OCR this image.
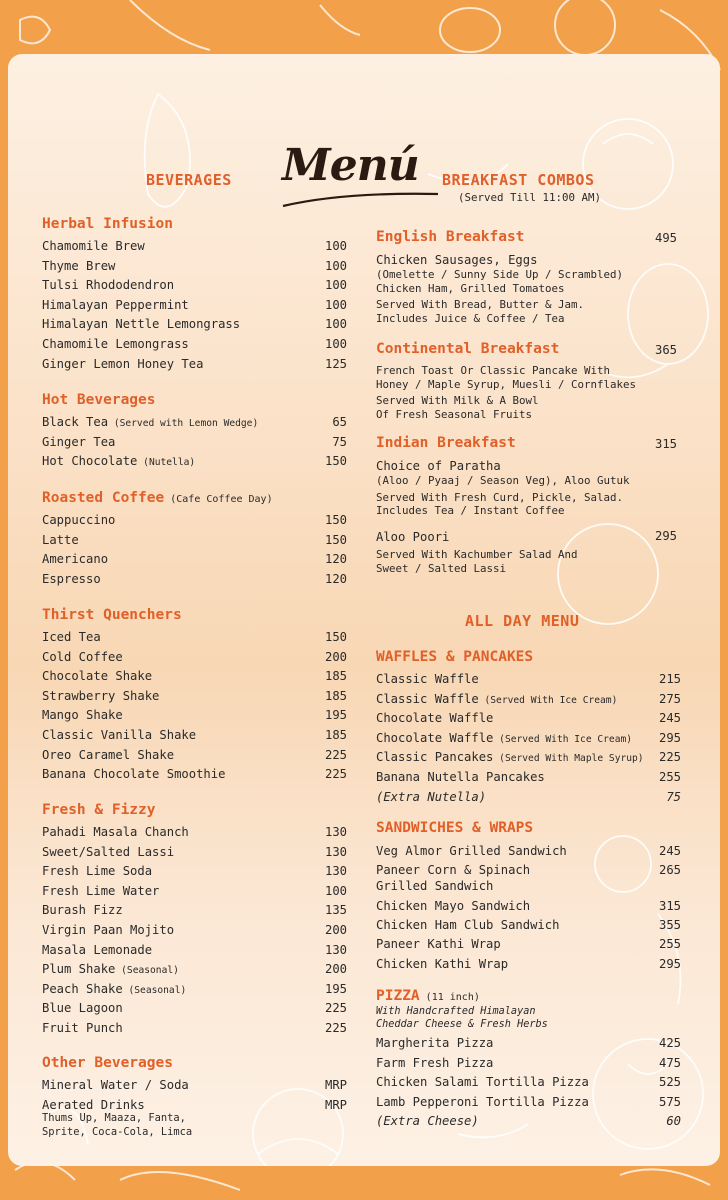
Menú
BEVERAGES
Herbal Infusion
Chamomile Brew	100
Thyme Brew	100
Tulsi Rhododendron	100
Himalayan Peppermint	100
Himalayan Nettle Lemongrass	100
Chamomile Lemongrass	100
Ginger Lemon Honey Tea	125
Hot Beverages
Black Tea (Served with Lemon Wedge)	65
Ginger Tea	75
Hot Chocolate (Nutella)	150
Roasted Coffee (Cafe Coffee Day)
Cappuccino	150
Latte	150
Americano	120
Espresso	120
Thirst Quenchers
Iced Tea	150
Cold Coffee	200
Chocolate Shake	185
Strawberry Shake	185
Mango Shake	195
Classic Vanilla Shake	185
Oreo Caramel Shake	225
Banana Chocolate Smoothie	225
Fresh & Fizzy
Pahadi Masala Chanch	130
Sweet/Salted Lassi	130
Fresh Lime Soda	130
Fresh Lime Water	100
Burash Fizz	135
Virgin Paan Mojito	200
Masala Lemonade	130
Plum Shake (Seasonal)	200
Peach Shake (Seasonal)	195
Blue Lagoon	225
Fruit Punch	225
Other Beverages
Mineral Water / Soda	MRP
Aerated Drinks	MRP
Thums Up, Maaza, Fanta,
Sprite, Coca-Cola, Limca
BREAKFAST COMBOS
(Served Till 11:00 AM)
English Breakfast	495
Chicken Sausages, Eggs
(Omelette / Sunny Side Up / Scrambled)
Chicken Ham, Grilled Tomatoes
Served With Bread, Butter & Jam.
Includes Juice & Coffee / Tea
Continental Breakfast	365
French Toast Or Classic Pancake With
Honey / Maple Syrup, Muesli / Cornflakes
Served With Milk & A Bowl
Of Fresh Seasonal Fruits
Indian Breakfast	315
Choice of Paratha
(Aloo / Pyaaj / Season Veg), Aloo Gutuk
Served With Fresh Curd, Pickle, Salad.
Includes Tea / Instant Coffee
Aloo Poori	295
Served With Kachumber Salad And
Sweet / Salted Lassi
ALL DAY MENU
WAFFLES & PANCAKES
Classic Waffle	215
Classic Waffle (Served With Ice Cream)	275
Chocolate Waffle	245
Chocolate Waffle (Served With Ice Cream) 295
Classic Pancakes (Served With Maple Syrup) 225
Banana Nutella Pancakes	255
(Extra Nutella)	75
SANDWICHES & WRAPS
Veg Almor Grilled Sandwich	245
Paneer Corn & Spinach	265
Grilled Sandwich
Chicken Mayo Sandwich	315
Chicken Ham Club Sandwich	355
Paneer Kathi Wrap	255
Chicken Kathi Wrap	295
PIZZA (11 inch)
With Handcrafted Himalayan
Cheddar Cheese & Fresh Herbs
Margherita Pizza	425
Farm Fresh Pizza	475
Chicken Salami Tortilla Pizza	525
Lamb Pepperoni Tortilla Pizza	575
(Extra Cheese)	60
